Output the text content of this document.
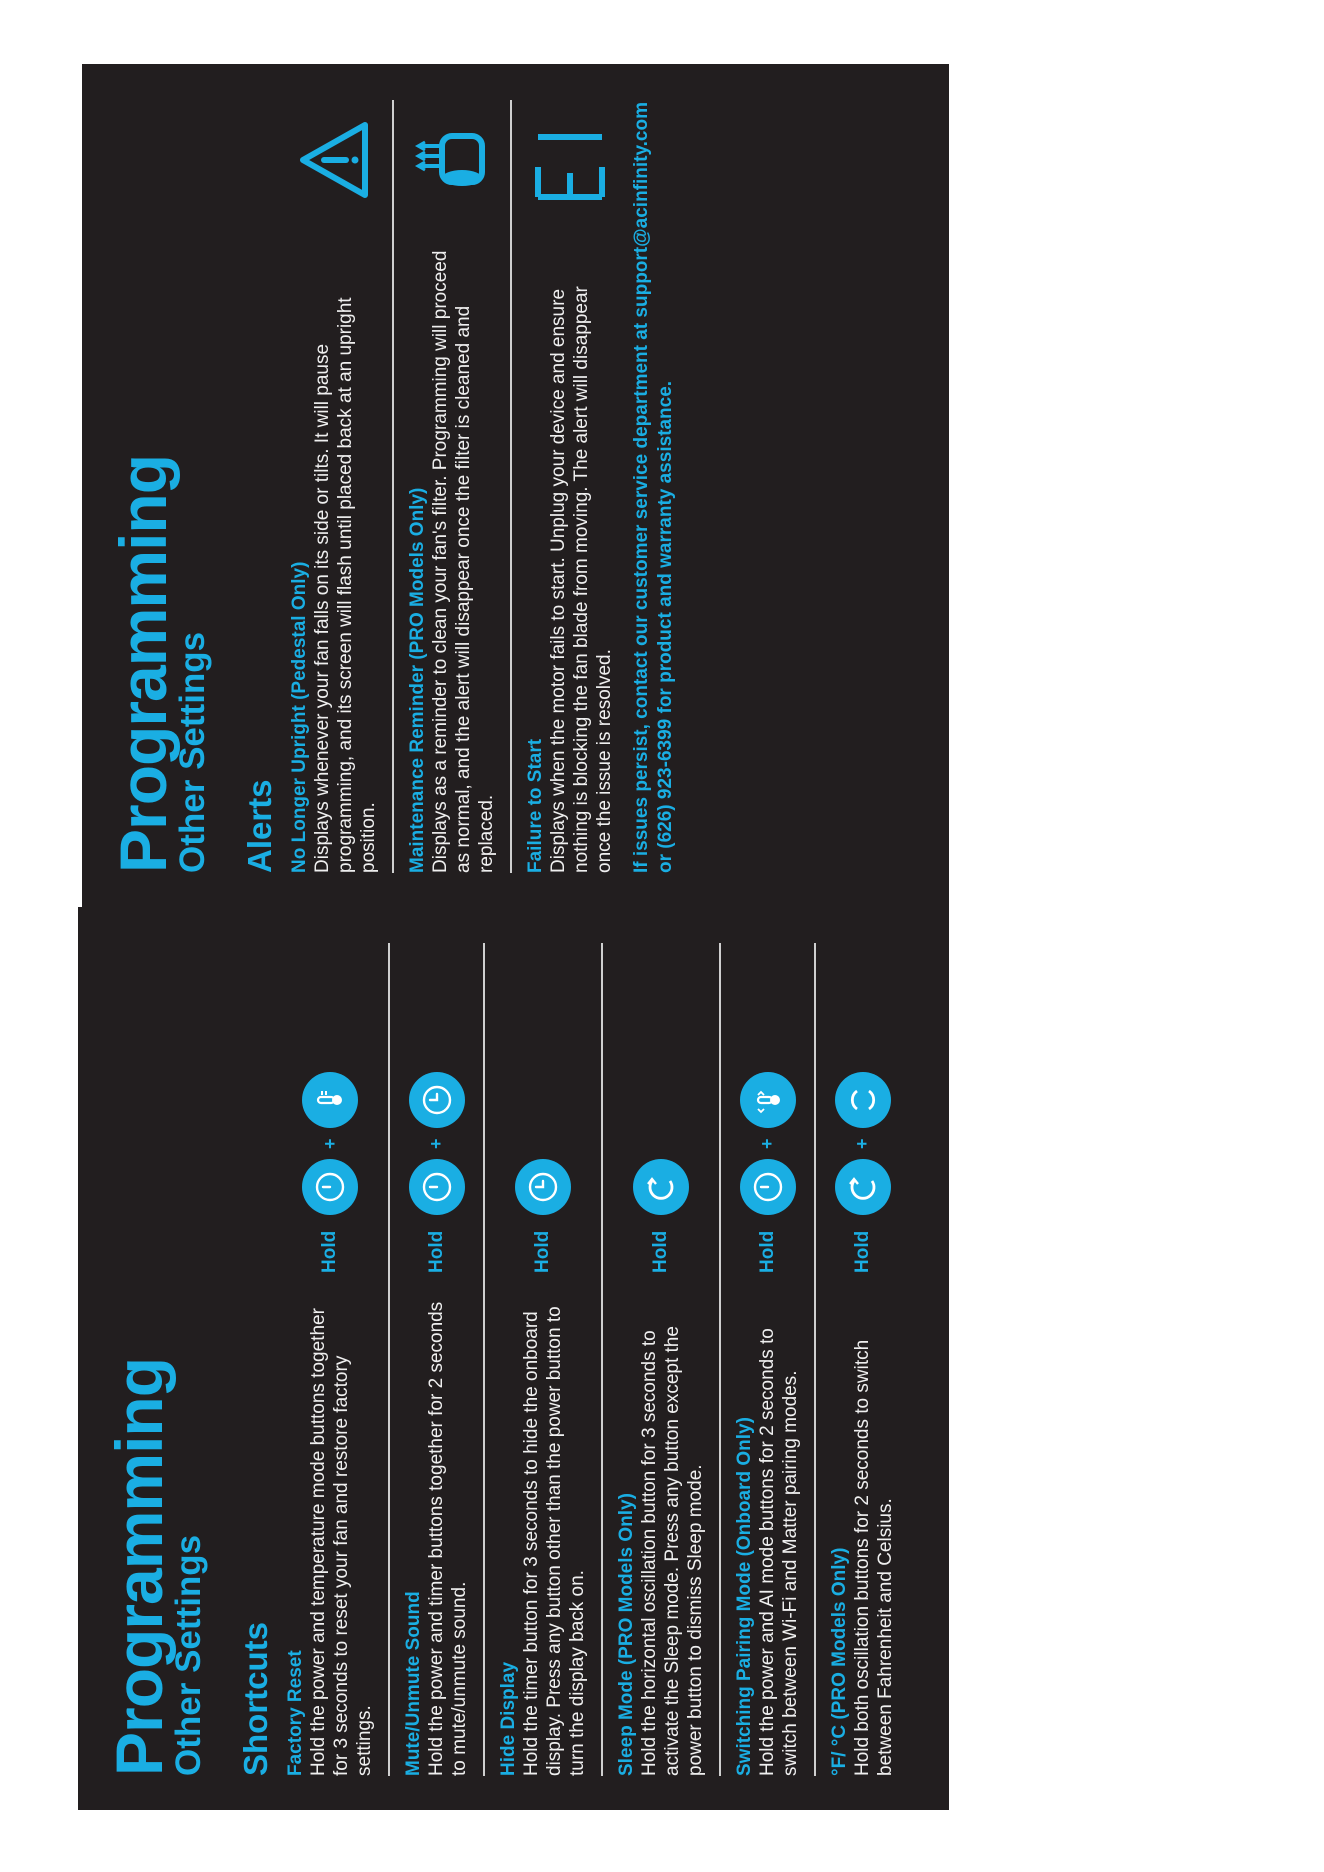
Programming
Other Settings Shortcuts Factory Reset Hold the power and temperature mode buttons together for 3 seconds to reset your fan and restore factory settings.
Hold
+
Mute/Unmute Sound Hold the power and timer buttons together for 2 seconds to mute/unmute sound.
Hold
+
Hide Display Hold the timer button for 3 seconds to hide the onboard display. Press any button other than the power button to turn the display back on.
Hold
Sleep Mode (PRO Models Only) Hold the horizontal oscillation button for 3 seconds to activate the Sleep mode. Press any button except the power button to dismiss Sleep mode.
Hold
Switching Pairing Mode (Onboard Only) Hold the power and AI mode buttons for 2 seconds to switch between Wi-Fi and Matter pairing modes.
Hold
+
°F/ °C (PRO Models Only) Hold both oscillation buttons for 2 seconds to switch between Fahrenheit and Celsius.
Hold
+
Programming
Other Settings Alerts No Longer Upright (Pedestal Only) Displays whenever your fan falls on its side or tilts. It will pause programming, and its screen will flash until placed back at an upright position. Maintenance Reminder (PRO Models Only) Displays as a reminder to clean your fan's filter. Programming will proceed as normal, and the alert will disappear once the filter is cleaned and replaced. Failure to Start Displays when the motor fails to start. Unplug your device and ensure nothing is blocking the fan blade from moving. The alert will disappear once the issue is resolved.
E1 If issues persist, contact our customer service department at support@acinfinity.com or (626) 923-6399 for product and warranty assistance.
